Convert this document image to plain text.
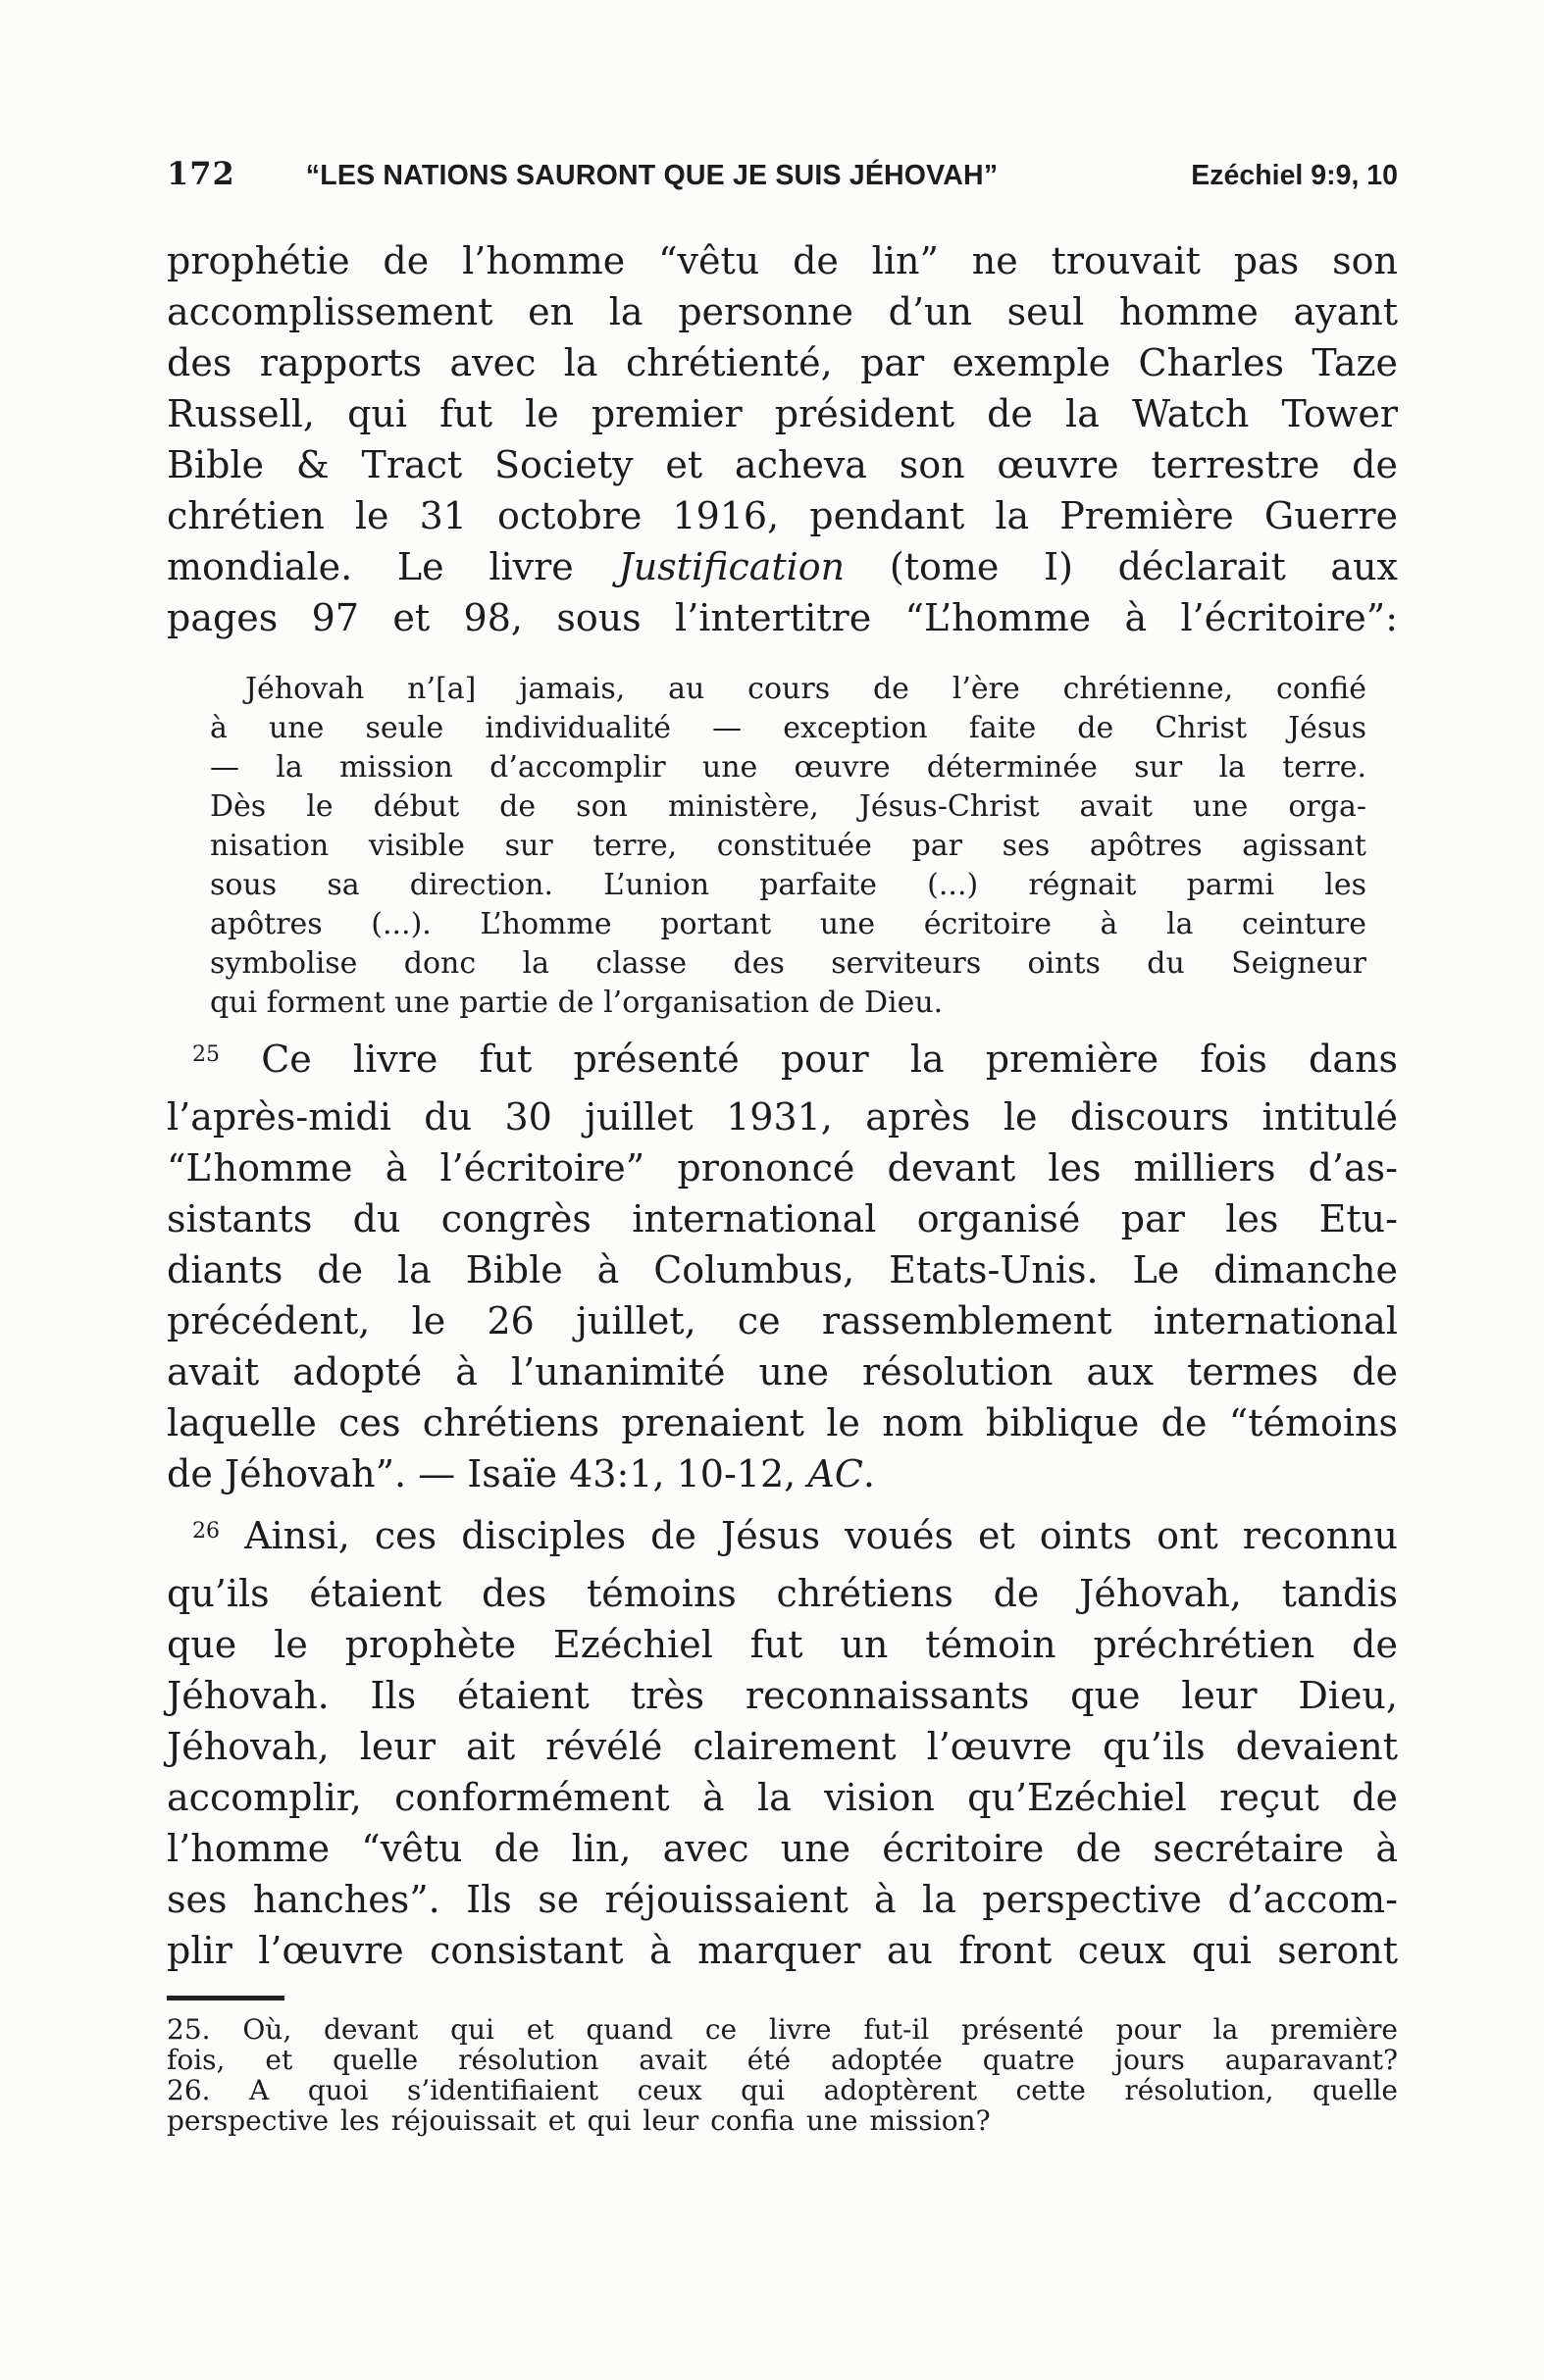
172	“LES NATIONS SAURONT QUE JE SUIS JÉHOVAH”	Ezéchiel 9:9, 10
prophétie de l’homme “vêtu de lin” ne trouvait pas son
accomplissement en la personne d’un seul homme ayant
des rapports avec la chrétienté, par exemple Charles Taze
Russell, qui fut le premier président de la Watch Tower
Bible & Tract Society et acheva son œuvre terrestre de
chrétien le 31 octobre 1916, pendant la Première Guerre
mondiale. Le livre Justification (tome I) déclarait aux
pages 97 et 98, sous l’intertitre “L’homme à l’écritoire”:
Jéhovah n’[a] jamais, au cours de l’ère chrétienne, confié
à une seule individualité — exception faite de Christ Jésus
— la mission d’accomplir une œuvre déterminée sur la terre.
Dès le début de son ministère, Jésus-Christ avait une orga-
nisation visible sur terre, constituée par ses apôtres agissant
sous sa direction. L’union parfaite (...) régnait parmi les
apôtres (...). L’homme portant une écritoire à la ceinture
symbolise donc la classe des serviteurs oints du Seigneur
qui forment une partie de l’organisation de Dieu.
$^{25}$ Ce livre fut présenté pour la première fois dans
l’après-midi du 30 juillet 1931, après le discours intitulé
“L’homme à l’écritoire” prononcé devant les milliers d’as-
sistants du congrès international organisé par les Etu-
diants de la Bible à Columbus, Etats-Unis. Le dimanche
précédent, le 26 juillet, ce rassemblement international
avait adopté à l’unanimité une résolution aux termes de
laquelle ces chrétiens prenaient le nom biblique de “témoins
de Jéhovah”. — Isaïe 43:1, 10-12, AC.
$^{26}$ Ainsi, ces disciples de Jésus voués et oints ont reconnu
qu’ils étaient des témoins chrétiens de Jéhovah, tandis
que le prophète Ezéchiel fut un témoin préchrétien de
Jéhovah. Ils étaient très reconnaissants que leur Dieu,
Jéhovah, leur ait révélé clairement l’œuvre qu’ils devaient
accomplir, conformément à la vision qu’Ezéchiel reçut de
l’homme “vêtu de lin, avec une écritoire de secrétaire à
ses hanches”. Ils se réjouissaient à la perspective d’accom-
plir l’œuvre consistant à marquer au front ceux qui seront
25. Où, devant qui et quand ce livre fut-il présenté pour la première
fois, et quelle résolution avait été adoptée quatre jours auparavant?
26. A quoi s’identifiaient ceux qui adoptèrent cette résolution, quelle
perspective les réjouissait et qui leur confia une mission?
